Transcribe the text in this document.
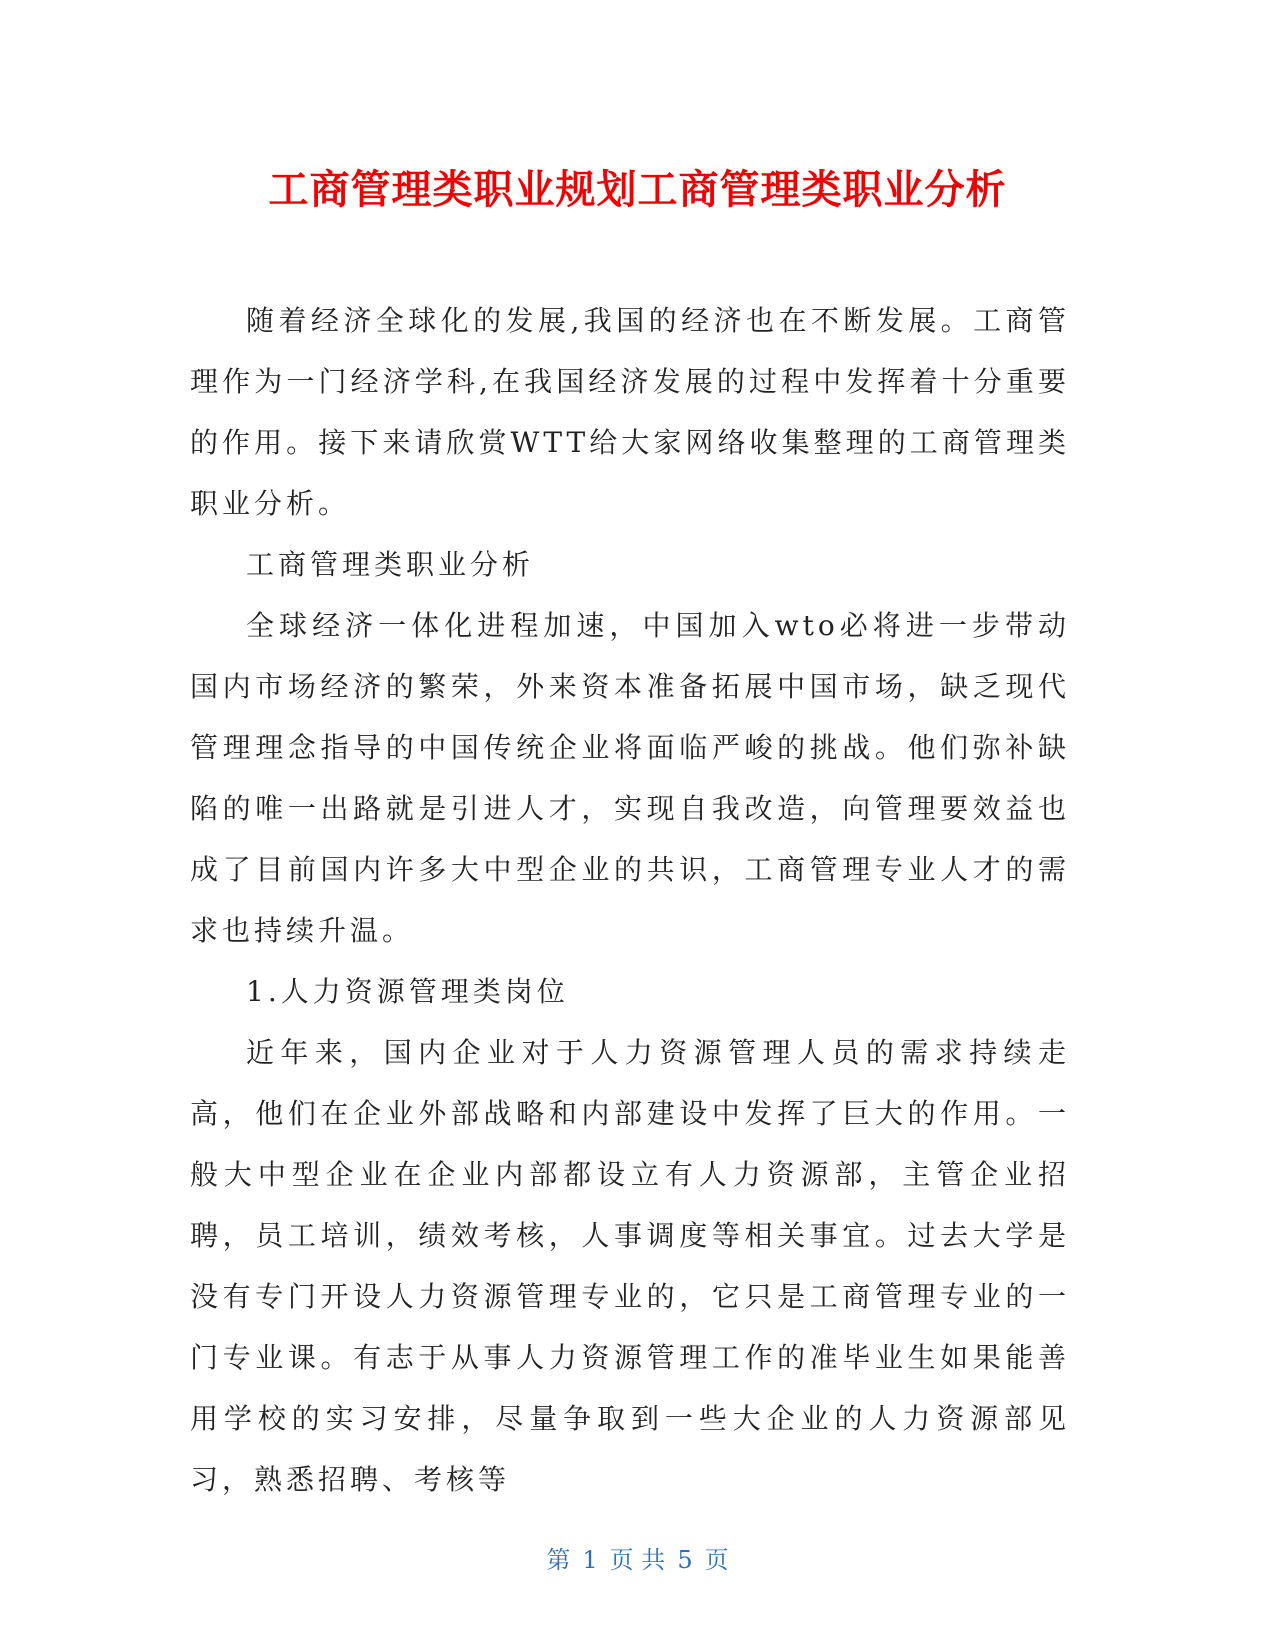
工商管理类职业规划工商管理类职业分析

随着经济全球化的发展,我国的经济也在不断发展。工商管理作为一门经济学科,在我国经济发展的过程中发挥着十分重要的作用。接下来请欣赏WTT给大家网络收集整理的工商管理类职业分析。

工商管理类职业分析

全球经济一体化进程加速，中国加入wto必将进一步带动国内市场经济的繁荣，外来资本准备拓展中国市场，缺乏现代管理理念指导的中国传统企业将面临严峻的挑战。他们弥补缺陷的唯一出路就是引进人才，实现自我改造，向管理要效益也成了目前国内许多大中型企业的共识，工商管理专业人才的需求也持续升温。

1.人力资源管理类岗位

近年来，国内企业对于人力资源管理人员的需求持续走高，他们在企业外部战略和内部建设中发挥了巨大的作用。一般大中型企业在企业内部都设立有人力资源部，主管企业招聘，员工培训，绩效考核，人事调度等相关事宜。过去大学是没有专门开设人力资源管理专业的，它只是工商管理专业的一门专业课。有志于从事人力资源管理工作的准毕业生如果能善用学校的实习安排，尽量争取到一些大企业的人力资源部见习，熟悉招聘、考核等

第 1 页 共 5 页
